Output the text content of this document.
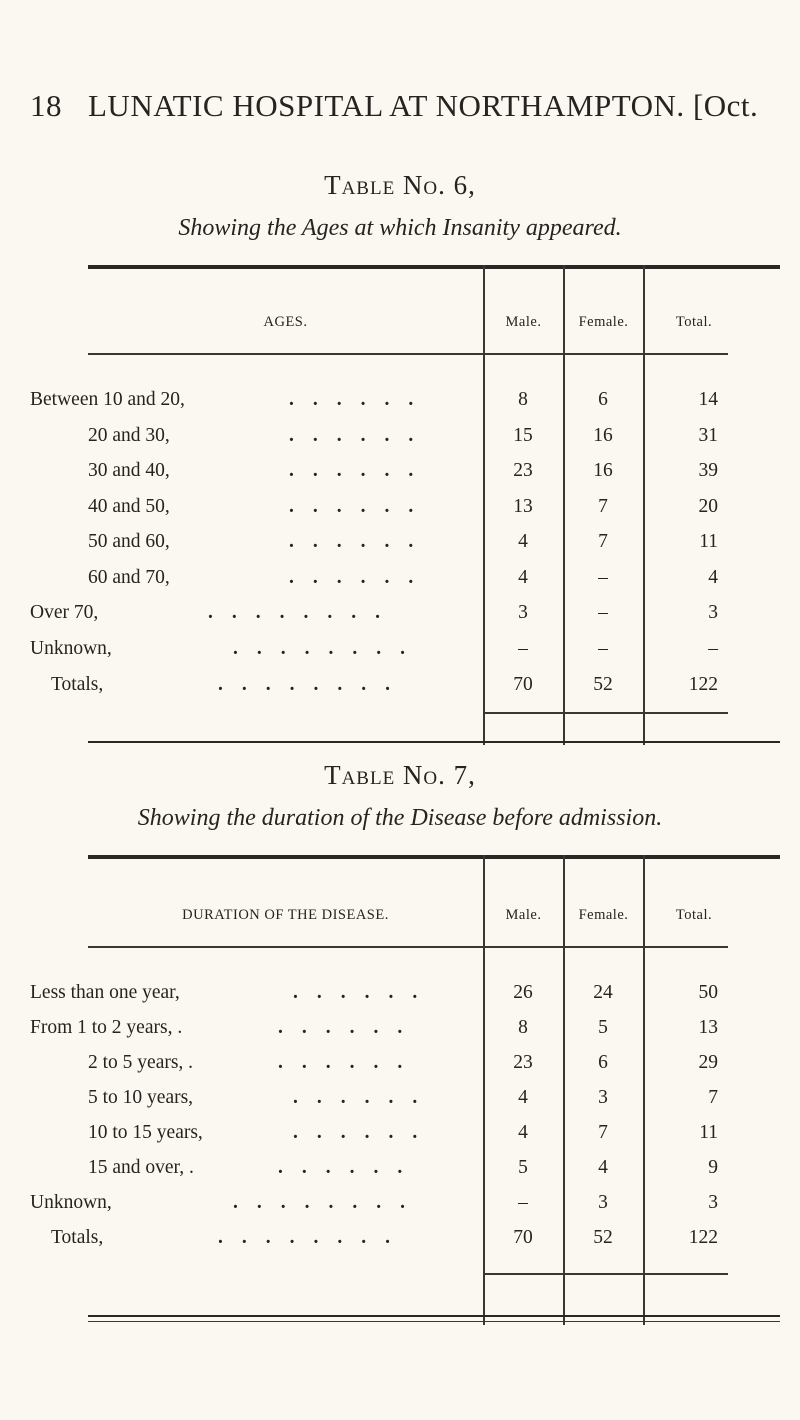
18 LUNATIC HOSPITAL AT NORTHAMPTON. [Oct.
Table No. 6,
Showing the Ages at which Insanity appeared.
AGES.	Male.	Female.	Total.
Between 10 and 20,	......	8	6	14
20 and 30,	......	15	16	31
30 and 40,	......	23	16	39
40 and 50,	......	13	7	20
50 and 60,	......	4	7	11
60 and 70,	......	4	–	4
Over 70,	........	3	–	3
Unknown,	........	–	–	–
Totals,	........	70	52	122
Table No. 7,
Showing the duration of the Disease before admission.
DURATION OF THE DISEASE.	Male.	Female.	Total.
Less than one year,	......	26	24	50
From 1 to 2 years, .	......	8	5	13
2 to 5 years, .	......	23	6	29
5 to 10 years,	......	4	3	7
10 to 15 years,	......	4	7	11
15 and over, .	......	5	4	9
Unknown,	........	–	3	3
Totals,	........	70	52	122
